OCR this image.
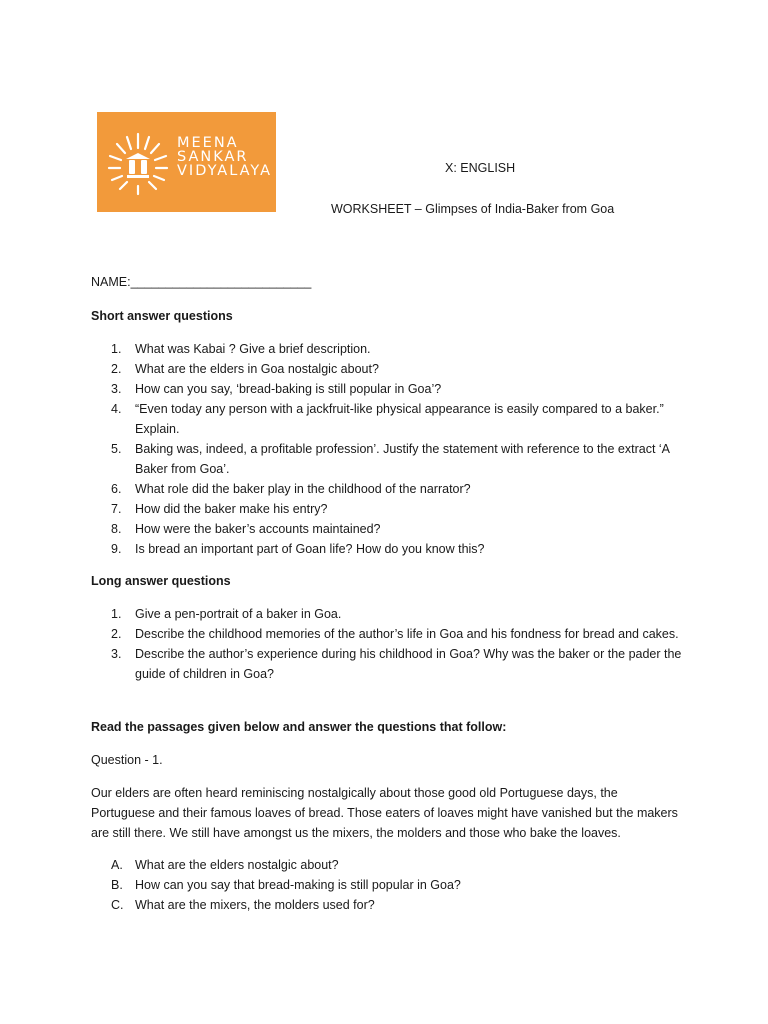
MEENA
SANKAR
VIDYALAYA	X: ENGLISH
WORKSHEET – Glimpses of India-Baker from Goa
NAME:__________________________
Short answer questions
1. What was Kabai ? Give a brief description.
2. What are the elders in Goa nostalgic about?
3. How can you say, ‘bread-baking is still popular in Goa’?
4. “Even today any person with a jackfruit-like physical appearance is easily compared to a baker.” Explain.
5. Baking was, indeed, a profitable profession’. Justify the statement with reference to the extract ‘A Baker from Goa’.
6. What role did the baker play in the childhood of the narrator?
7. How did the baker make his entry?
8. How were the baker’s accounts maintained?
9. Is bread an important part of Goan life? How do you know this?
Long answer questions
1. Give a pen-portrait of a baker in Goa.
2. Describe the childhood memories of the author’s life in Goa and his fondness for bread and cakes.
3. Describe the author’s experience during his childhood in Goa? Why was the baker or the pader the guide of children in Goa?
Read the passages given below and answer the questions that follow:
Question - 1.
Our elders are often heard reminiscing nostalgically about those good old Portuguese days, the Portuguese and their famous loaves of bread. Those eaters of loaves might have vanished but the makers are still there. We still have amongst us the mixers, the molders and those who bake the loaves.
A. What are the elders nostalgic about?
B. How can you say that bread-making is still popular in Goa?
C. What are the mixers, the molders used for?
